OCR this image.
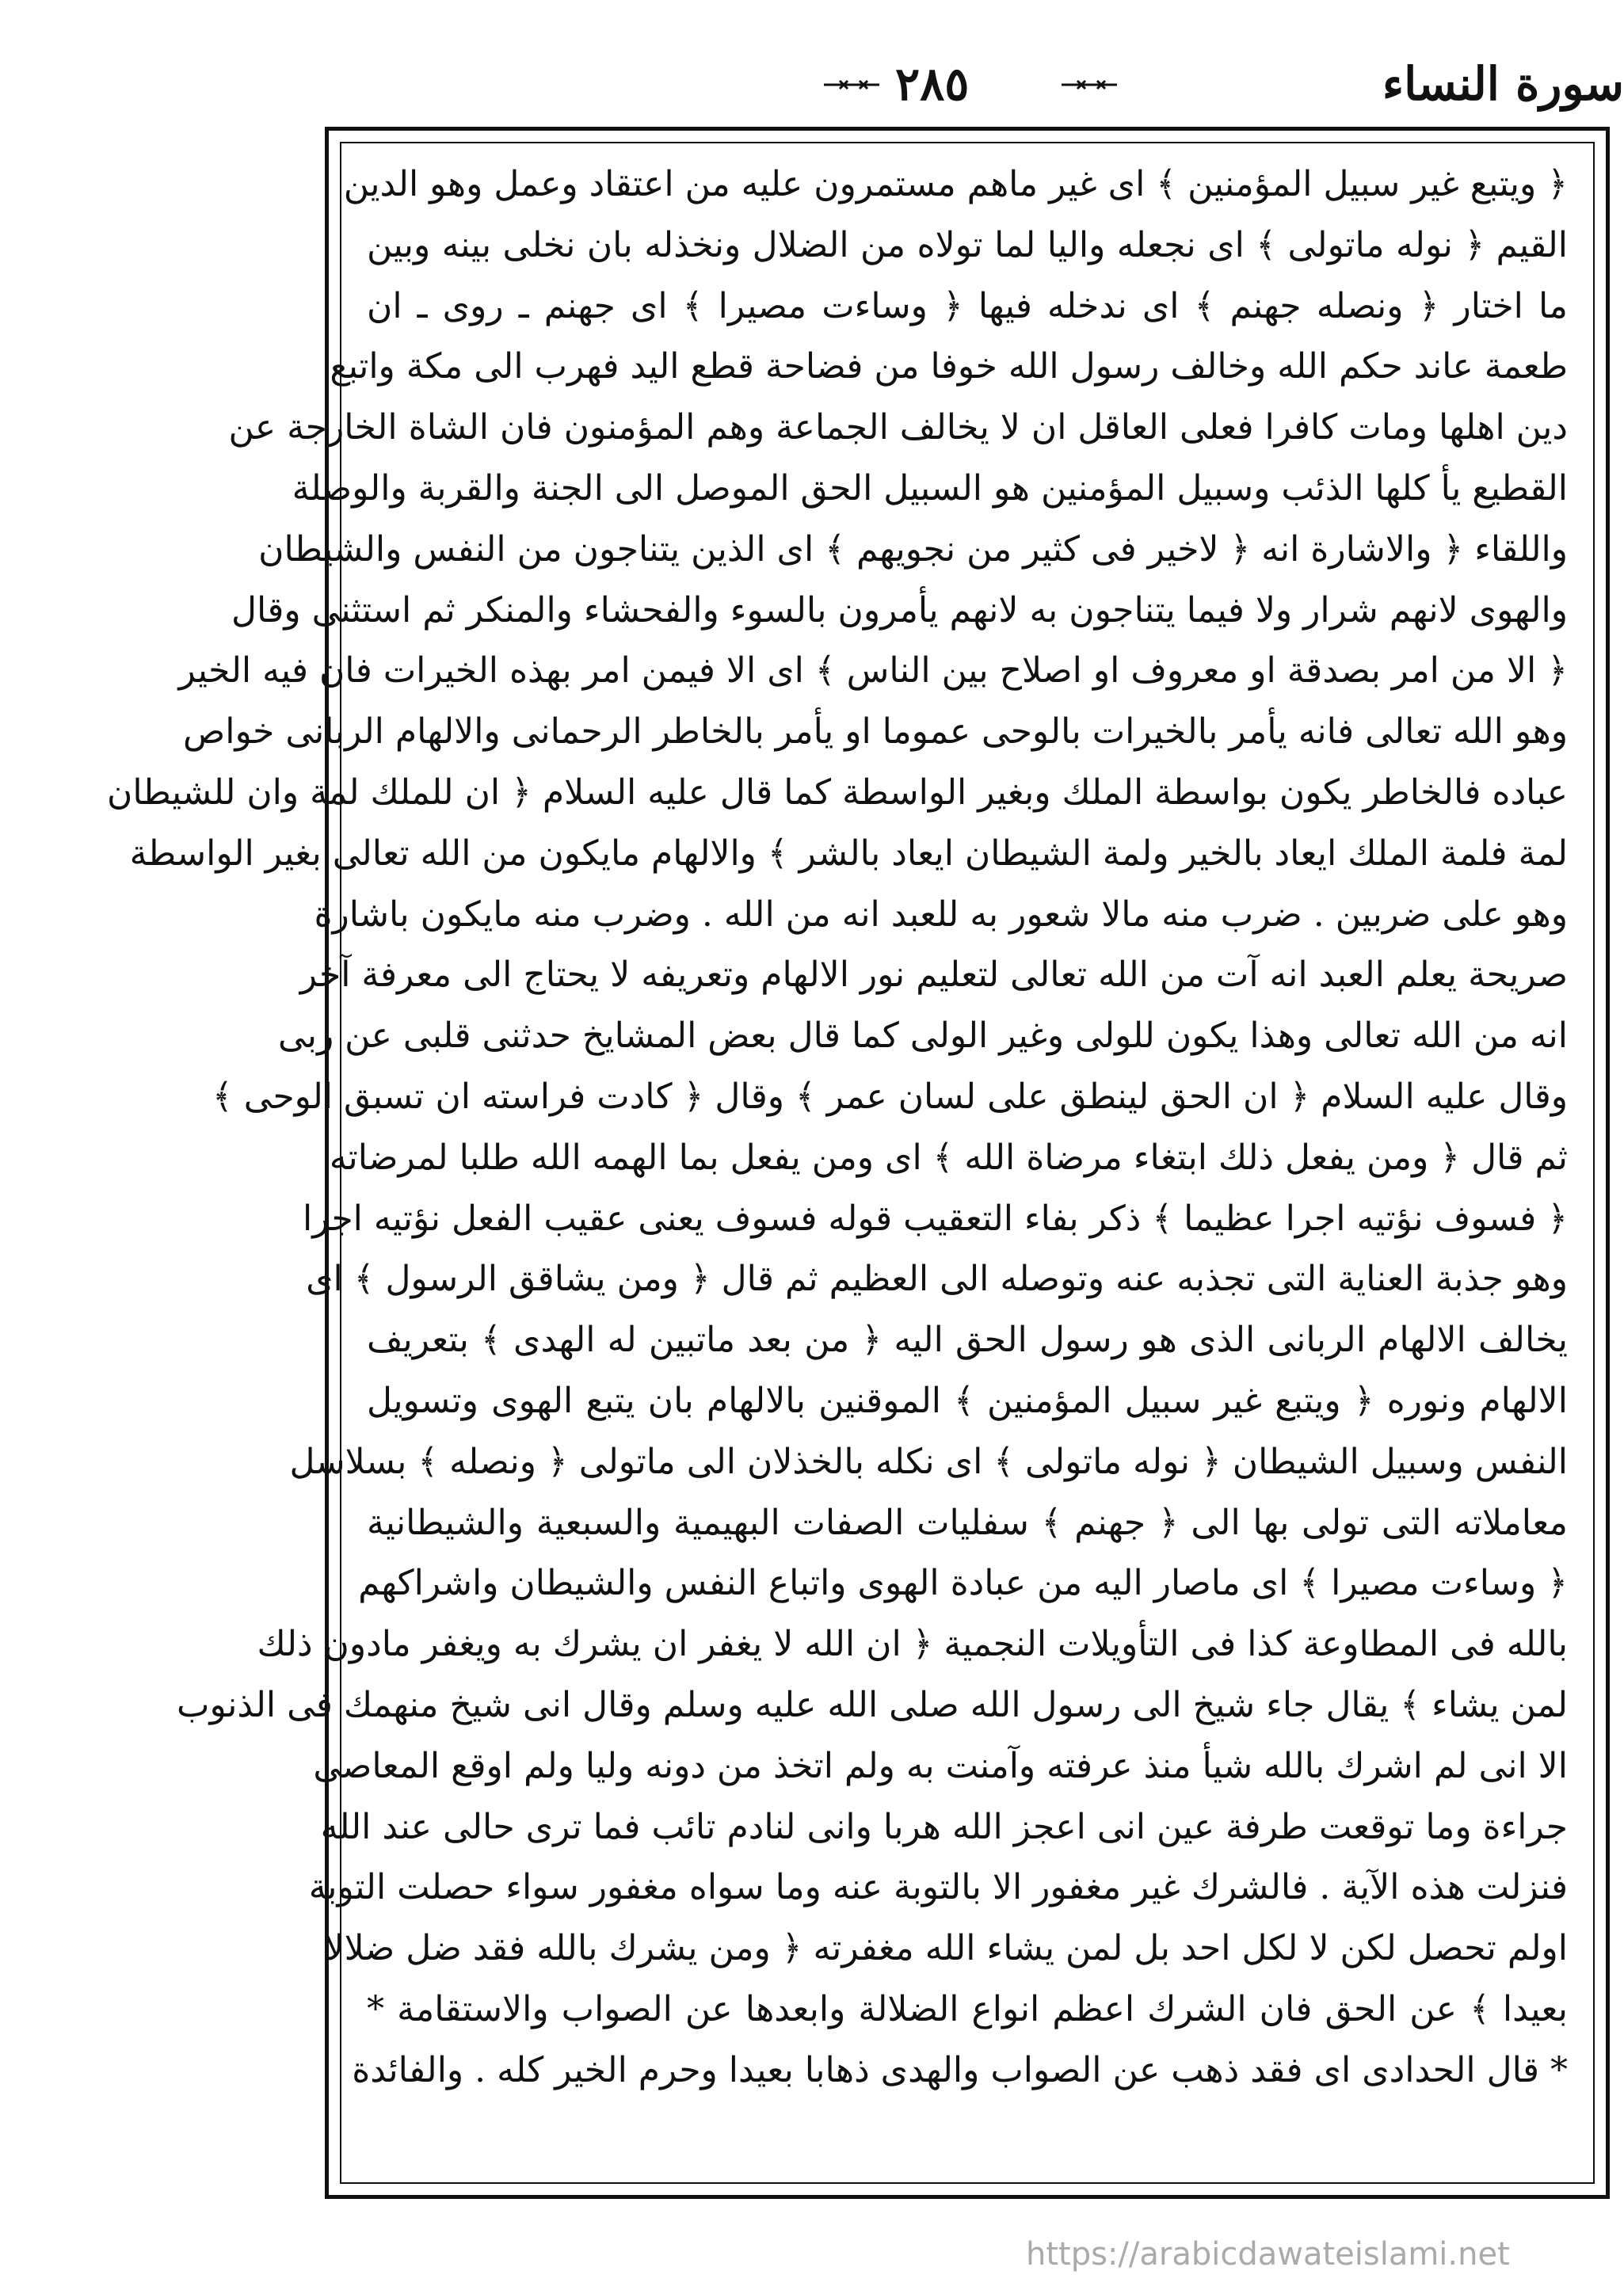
٢٨٥	سورة النساء
﴿ ويتبع غير سبيل المؤمنين ﴾ اى غير ماهم مستمرون عليه من اعتقاد وعمل وهو الدين
القيم ﴿ نوله ماتولى ﴾ اى نجعله واليا لما تولاه من الضلال ونخذله بان نخلى بينه وبين
ما اختار ﴿ ونصله جهنم ﴾ اى ندخله فيها ﴿ وساءت مصيرا ﴾ اى جهنم ـ روى ـ ان
طعمة عاند حكم الله وخالف رسول الله خوفا من فضاحة قطع اليد فهرب الى مكة واتبع
دين اهلها ومات كافرا فعلى العاقل ان لا يخالف الجماعة وهم المؤمنون فان الشاة الخارجة عن
القطيع يأ كلها الذئب وسبيل المؤمنين هو السبيل الحق الموصل الى الجنة والقربة والوصلة
واللقاء ﴿ والاشارة انه ﴿ لاخير فى كثير من نجويهم ﴾ اى الذين يتناجون من النفس والشيطان
والهوى لانهم شرار ولا فيما يتناجون به لانهم يأمرون بالسوء والفحشاء والمنكر ثم استثنى وقال
﴿ الا من امر بصدقة او معروف او اصلاح بين الناس ﴾ اى الا فيمن امر بهذه الخيرات فان فيه الخير
وهو الله تعالى فانه يأمر بالخيرات بالوحى عموما او يأمر بالخاطر الرحمانى والالهام الربانى خواص
عباده فالخاطر يكون بواسطة الملك وبغير الواسطة كما قال عليه السلام ﴿ ان للملك لمة وان للشيطان
لمة فلمة الملك ايعاد بالخير ولمة الشيطان ايعاد بالشر ﴾ والالهام مايكون من الله تعالى بغير الواسطة
وهو على ضربين . ضرب منه مالا شعور به للعبد انه من الله . وضرب منه مايكون باشارة
صريحة يعلم العبد انه آت من الله تعالى لتعليم نور الالهام وتعريفه لا يحتاج الى معرفة آخر
انه من الله تعالى وهذا يكون للولى وغير الولى كما قال بعض المشايخ حدثنى قلبى عن ربى
وقال عليه السلام ﴿ ان الحق لينطق على لسان عمر ﴾ وقال ﴿ كادت فراسته ان تسبق الوحى ﴾
ثم قال ﴿ ومن يفعل ذلك ابتغاء مرضاة الله ﴾ اى ومن يفعل بما الهمه الله طلبا لمرضاته
﴿ فسوف نؤتيه اجرا عظيما ﴾ ذكر بفاء التعقيب قوله فسوف يعنى عقيب الفعل نؤتيه اجرا
وهو جذبة العناية التى تجذبه عنه وتوصله الى العظيم ثم قال ﴿ ومن يشاقق الرسول ﴾ اى
يخالف الالهام الربانى الذى هو رسول الحق اليه ﴿ من بعد ماتبين له الهدى ﴾ بتعريف
الالهام ونوره ﴿ ويتبع غير سبيل المؤمنين ﴾ الموقنين بالالهام بان يتبع الهوى وتسويل
النفس وسبيل الشيطان ﴿ نوله ماتولى ﴾ اى نكله بالخذلان الى ماتولى ﴿ ونصله ﴾ بسلاسل
معاملاته التى تولى بها الى ﴿ جهنم ﴾ سفليات الصفات البهيمية والسبعية والشيطانية
﴿ وساءت مصيرا ﴾ اى ماصار اليه من عبادة الهوى واتباع النفس والشيطان واشراكهم
بالله فى المطاوعة كذا فى التأويلات النجمية ﴿ ان الله لا يغفر ان يشرك به ويغفر مادون ذلك
لمن يشاء ﴾ يقال جاء شيخ الى رسول الله صلى الله عليه وسلم وقال انى شيخ منهمك فى الذنوب
الا انى لم اشرك بالله شيأ منذ عرفته وآمنت به ولم اتخذ من دونه وليا ولم اوقع المعاصى
جراءة وما توقعت طرفة عين انى اعجز الله هربا وانى لنادم تائب فما ترى حالى عند الله
فنزلت هذه الآية . فالشرك غير مغفور الا بالتوبة عنه وما سواه مغفور سواء حصلت التوبة
اولم تحصل لكن لا لكل احد بل لمن يشاء الله مغفرته ﴿ ومن يشرك بالله فقد ضل ضلالا
بعيدا ﴾ عن الحق فان الشرك اعظم انواع الضلالة وابعدها عن الصواب والاستقامة *
* قال الحدادى اى فقد ذهب عن الصواب والهدى ذهابا بعيدا وحرم الخير كله . والفائدة
https://arabicdawateislami.net
